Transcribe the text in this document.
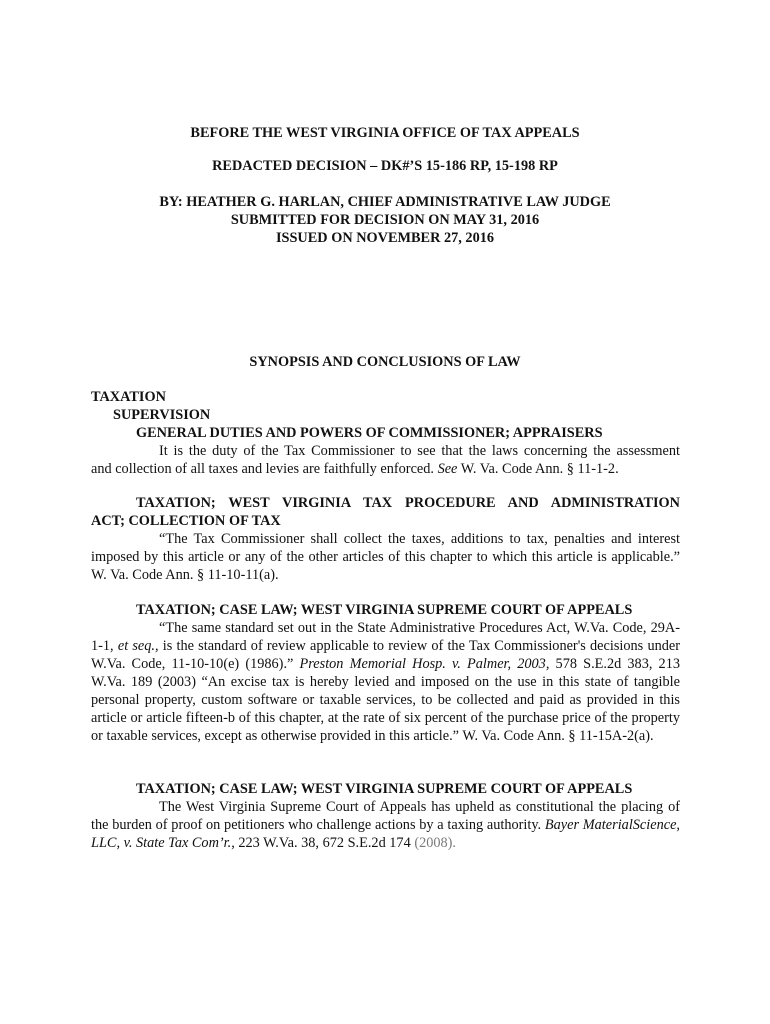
BEFORE THE WEST VIRGINIA OFFICE OF TAX APPEALS
REDACTED DECISION – DK#’S 15-186 RP, 15-198 RP
BY: HEATHER G. HARLAN, CHIEF ADMINISTRATIVE LAW JUDGE
SUBMITTED FOR DECISION ON MAY 31, 2016
ISSUED ON NOVEMBER 27, 2016
SYNOPSIS AND CONCLUSIONS OF LAW
TAXATION
SUPERVISION
GENERAL DUTIES AND POWERS OF COMMISSIONER; APPRAISERS
It is the duty of the Tax Commissioner to see that the laws concerning the assessment
and collection of all taxes and levies are faithfully enforced. See W. Va. Code Ann. § 11-1-2.
TAXATION; WEST VIRGINIA TAX PROCEDURE AND ADMINISTRATION
ACT; COLLECTION OF TAX
“The Tax Commissioner shall collect the taxes, additions to tax, penalties and interest imposed by this article or any of the other articles of this chapter to which this article is applicable.” W. Va. Code Ann. § 11-10-11(a).
TAXATION; CASE LAW; WEST VIRGINIA SUPREME COURT OF APPEALS
“The same standard set out in the State Administrative Procedures Act, W.Va. Code, 29A-1-1, et seq., is the standard of review applicable to review of the Tax Commissioner's decisions under W.Va. Code, 11-10-10(e) (1986).” Preston Memorial Hosp. v. Palmer, 2003, 578 S.E.2d 383, 213 W.Va. 189 (2003) “An excise tax is hereby levied and imposed on the use in this state of tangible personal property, custom software or taxable services, to be collected and paid as provided in this article or article fifteen-b of this chapter, at the rate of six percent of the purchase price of the property or taxable services, except as otherwise provided in this article.” W. Va. Code Ann. § 11-15A-2(a).
TAXATION; CASE LAW; WEST VIRGINIA SUPREME COURT OF APPEALS
The West Virginia Supreme Court of Appeals has upheld as constitutional the placing of the burden of proof on petitioners who challenge actions by a taxing authority. Bayer MaterialScience, LLC, v. State Tax Com’r., 223 W.Va. 38, 672 S.E.2d 174 (2008).
